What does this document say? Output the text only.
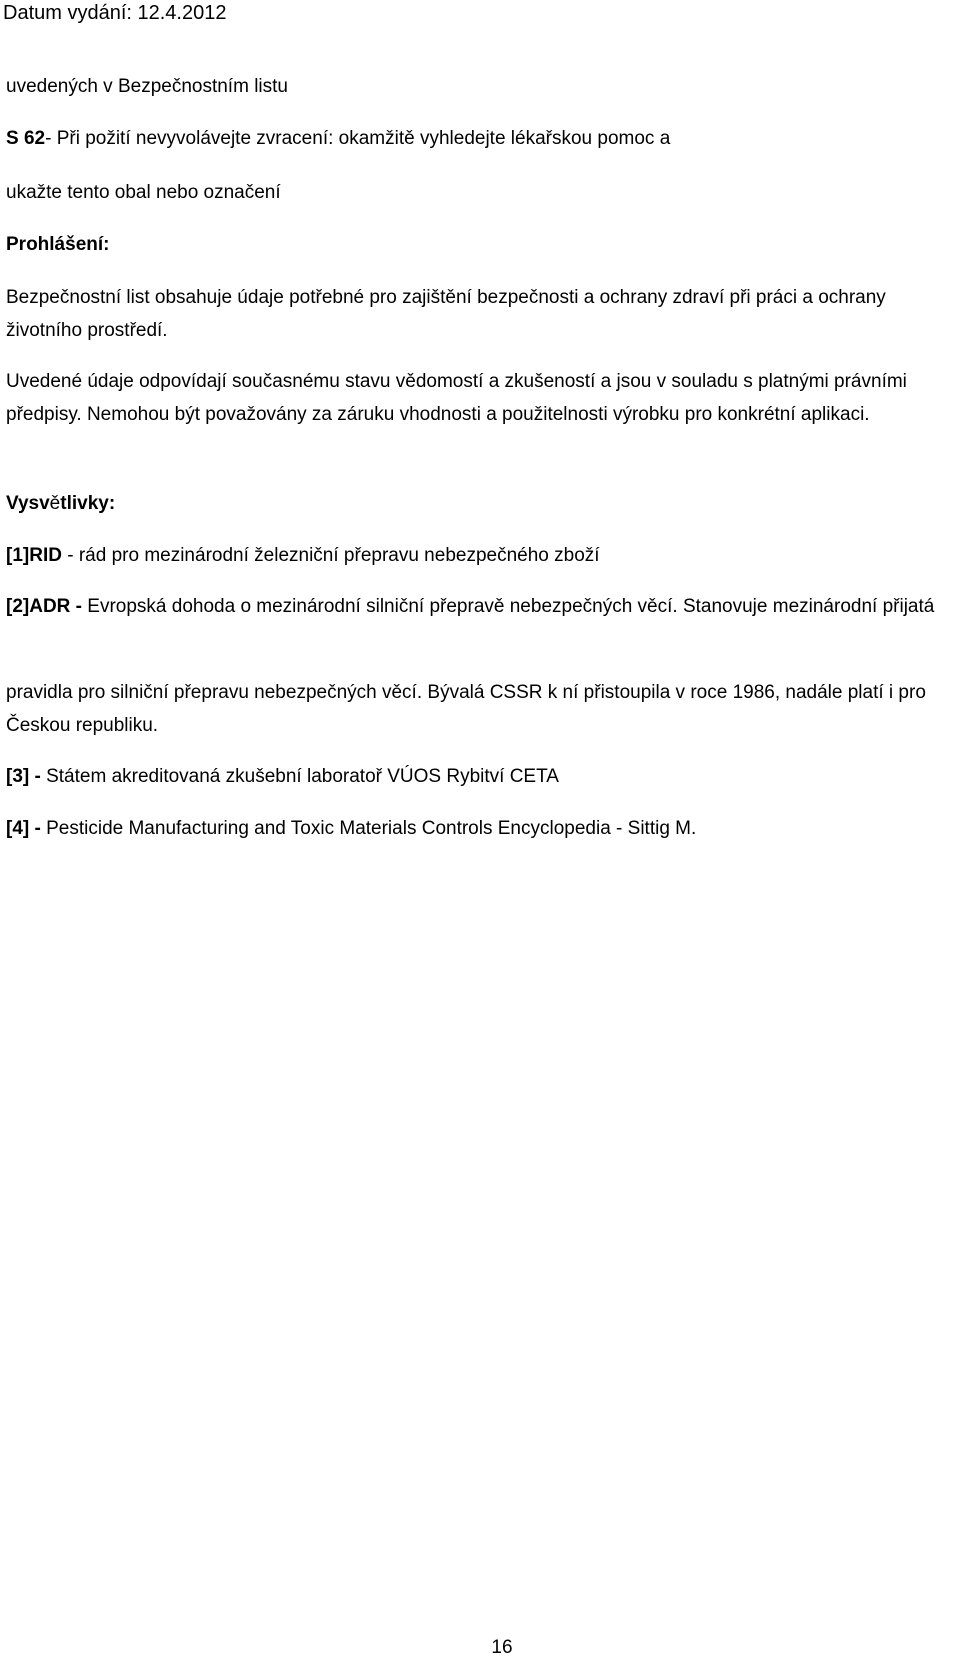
Datum vydání: 12.4.2012
uvedených v Bezpečnostním listu
S 62- Při požití nevyvolávejte zvracení: okamžitě vyhledejte lékařskou pomoc a
ukažte tento obal nebo označení
Prohlášení:
Bezpečnostní list obsahuje údaje potřebné pro zajištění bezpečnosti a ochrany zdraví při práci a ochrany životního prostředí.
Uvedené údaje odpovídají současnému stavu vědomostí a zkušeností a jsou v souladu s platnými právními předpisy. Nemohou být považovány za záruku vhodnosti a použitelnosti výrobku pro konkrétní aplikaci.
Vysvětlivky:
[1]RID - rád pro mezinárodní železniční přepravu nebezpečného zboží
[2]ADR - Evropská dohoda o mezinárodní silniční přepravě nebezpečných věcí. Stanovuje mezinárodní přijatá
pravidla pro silniční přepravu nebezpečných věcí. Bývalá CSSR k ní přistoupila v roce 1986, nadále platí i pro Českou republiku.
[3] - Státem akreditovaná zkušební laboratoř VÚOS Rybitví CETA
[4] - Pesticide Manufacturing and Toxic Materials Controls Encyclopedia - Sittig M.
16
